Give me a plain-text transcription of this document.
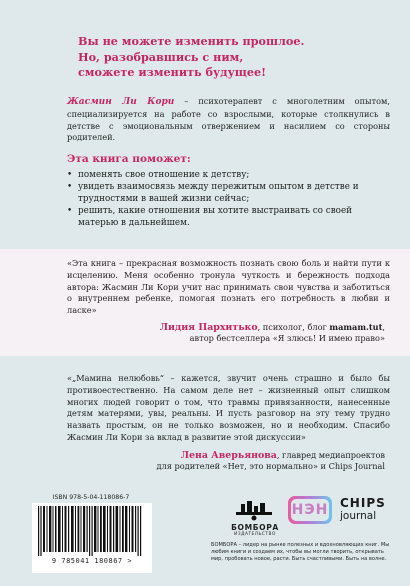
Вы не можете изменить прошлое.
Но, разобравшись с ним,
сможете изменить будущее!

Жасмин Ли Кори – психотерапевт с многолетним опытом, специализируется на работе со взрослыми, которые столкнулись в детстве с эмоциональным отвержением и насилием со стороны родителей.

Эта книга поможет:
• поменять свое отношение к детству;
• увидеть взаимосвязь между пережитым опытом в детстве и трудностями в вашей жизни сейчас;
• решить, какие отношения вы хотите выстраивать со своей матерью в дальнейшем.

«Эта книга – прекрасная возможность познать свою боль и найти пути к исцелению. Меня особенно тронула чуткость и бережность подхода автора: Жасмин Ли Кори учит нас принимать свои чувства и заботиться о внутреннем ребенке, помогая познать его потребность в любви и ласке»

Лидия Пархитько, психолог, блог mamam.tut,
автор бестселлера «Я злюсь! И имею право»

«„Мамина нелюбовь“ – кажется, звучит очень страшно и было бы противоестественно. На самом деле нет – жизненный опыт слишком многих людей говорит о том, что травмы привязанности, нанесенные детям матерями, увы, реальны. И пусть разговор на эту тему трудно назвать простым, он не только возможен, но и необходим. Спасибо Жасмин Ли Кори за вклад в развитие этой дискуссии»

Лена Аверьянова, главред медиапроектов
для родителей «Нет, это нормально» и Chips Journal
НЭН CHIPS
journal
ISBN 978-5-04-118086-7
9 785041 180867 >
БОМБОРА
ИЗДАТЕЛЬСТВО

БОМБОРА – лидер на рынке полезных и вдохновляющих книг. Мы любим книги и создаем их, чтобы вы могли творить, открывать мир, пробовать новое, расти. Быть счастливыми. Быть на волне.
